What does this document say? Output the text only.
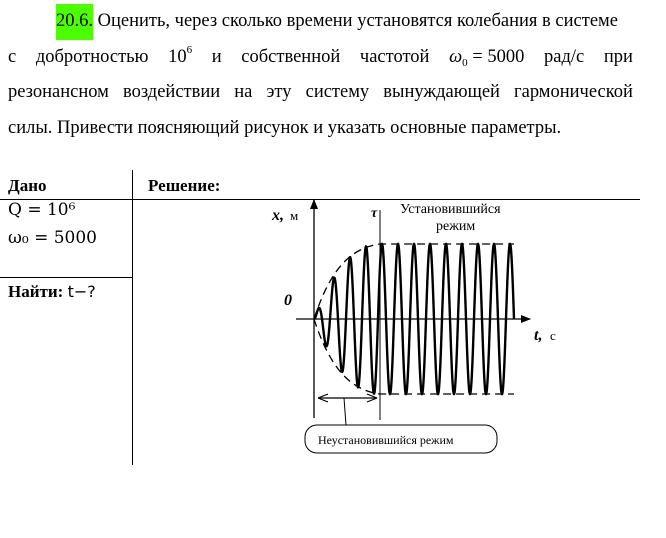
20.6.
Оценить, через сколько времени установятся колебания в системе
с добротностью $10^6$ и собственной частотой $\omega_0 = 5000$ рад/с при
резонансном воздействии на эту систему вынуждающей гармонической
силы. Привести поясняющий рисунок и указать основные параметры.
Дано	Решение:
Q = 10⁶
ω₀ = 5000
Найти: t−?
x, м
t, с
0
τ Установившийся
режим
Неустановившийся режим
